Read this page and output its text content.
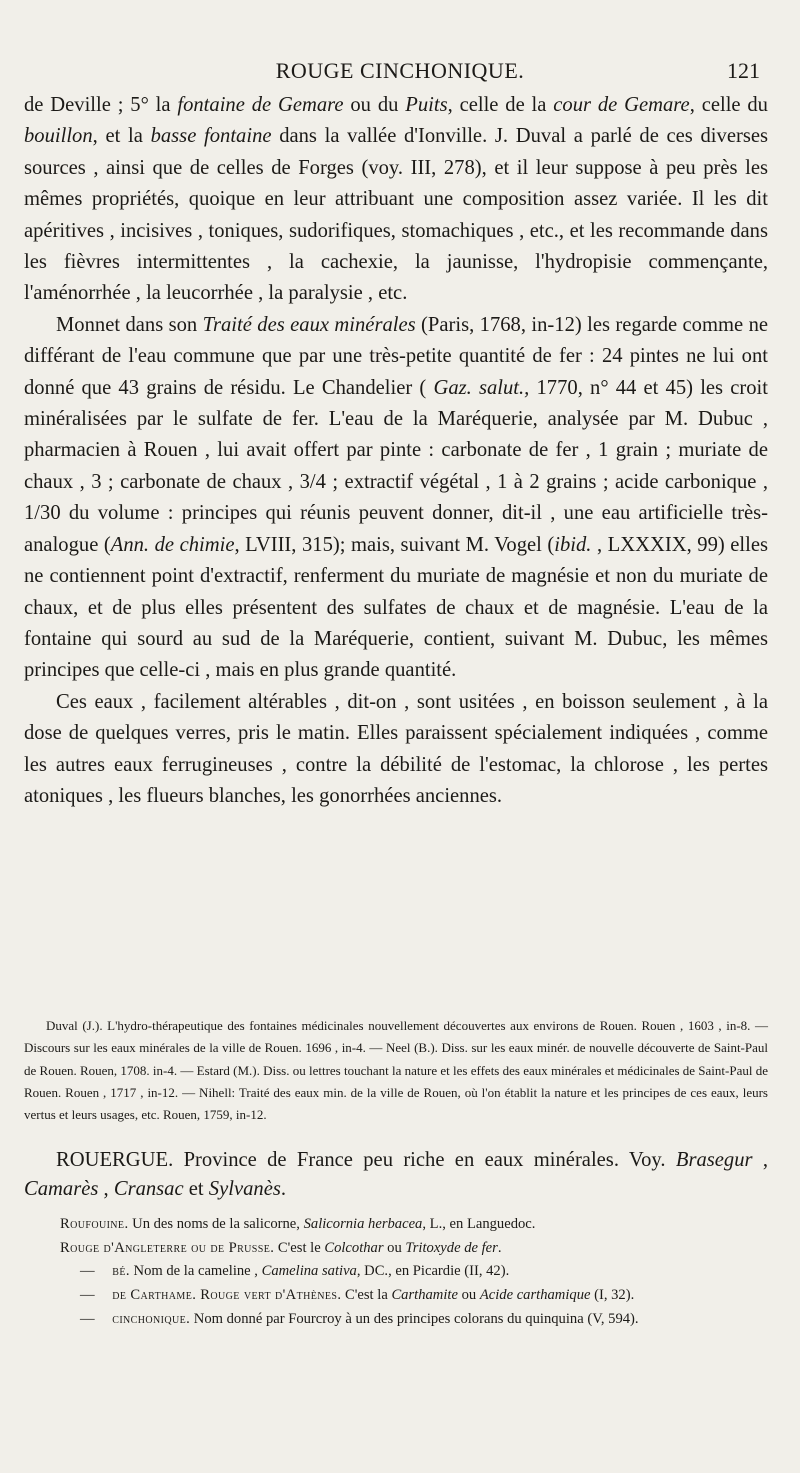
ROUGE CINCHONIQUE.	121

de Deville ; 5° la fontaine de Gemare ou du Puits, celle de la cour de Gemare, celle du bouillon, et la basse fontaine dans la vallée d'Ionville. J. Duval a parlé de ces diverses sources , ainsi que de celles de Forges (voy. III, 278), et il leur suppose à peu près les mêmes propriétés, quoique en leur attribuant une composition assez variée. Il les dit apéritives , incisives , toniques, sudorifiques, stomachiques , etc., et les recommande dans les fièvres intermittentes , la cachexie, la jaunisse, l'hydropisie commençante, l'aménorrhée , la leucorrhée , la paralysie , etc.

Monnet dans son Traité des eaux minérales (Paris, 1768, in-12) les regarde comme ne différant de l'eau commune que par une très-petite quantité de fer : 24 pintes ne lui ont donné que 43 grains de résidu. Le Chandelier ( Gaz. salut., 1770, n° 44 et 45) les croit minéralisées par le sulfate de fer. L'eau de la Maréquerie, analysée par M. Dubuc , pharmacien à Rouen , lui avait offert par pinte : carbonate de fer , 1 grain ; muriate de chaux , 3 ; carbonate de chaux , 3/4 ; extractif végétal , 1 à 2 grains ; acide carbonique , 1/30 du volume : principes qui réunis peuvent donner, dit-il , une eau artificielle très-analogue (Ann. de chimie, LVIII, 315); mais, suivant M. Vogel (ibid. , LXXXIX, 99) elles ne contiennent point d'extractif, renferment du muriate de magnésie et non du muriate de chaux, et de plus elles présentent des sulfates de chaux et de magnésie. L'eau de la fontaine qui sourd au sud de la Maréquerie, contient, suivant M. Dubuc, les mêmes principes que celle-ci , mais en plus grande quantité.

Ces eaux , facilement altérables , dit-on , sont usitées , en boisson seulement , à la dose de quelques verres, pris le matin. Elles paraissent spécialement indiquées , comme les autres eaux ferrugineuses , contre la débilité de l'estomac, la chlorose , les pertes atoniques , les flueurs blanches, les gonorrhées anciennes.

Duval (J.). L'hydro-thérapeutique des fontaines médicinales nouvellement découvertes aux environs de Rouen. Rouen , 1603 , in-8. — Discours sur les eaux minérales de la ville de Rouen. 1696 , in-4. — Neel (B.). Diss. sur les eaux minér. de nouvelle découverte de Saint-Paul de Rouen. Rouen, 1708. in-4. — Estard (M.). Diss. ou lettres touchant la nature et les effets des eaux minérales et médicinales de Saint-Paul de Rouen. Rouen , 1717 , in-12. — Nihell: Traité des eaux min. de la ville de Rouen, où l'on établit la nature et les principes de ces eaux, leurs vertus et leurs usages, etc. Rouen, 1759, in-12.

ROUERGUE. Province de France peu riche en eaux minérales. Voy. Brasegur , Camarès , Cransac et Sylvanès.

Roufouine. Un des noms de la salicorne, Salicornia herbacea, L., en Languedoc.

Rouge d'Angleterre ou de Prusse. C'est le Colcothar ou Tritoxyde de fer.

— bé. Nom de la cameline , Camelina sativa, DC., en Picardie (II, 42).

— de Carthame. Rouge vert d'Athènes. C'est la Carthamite ou Acide carthamique (I, 32).

— cinchonique. Nom donné par Fourcroy à un des principes colorans du quinquina (V, 594).
